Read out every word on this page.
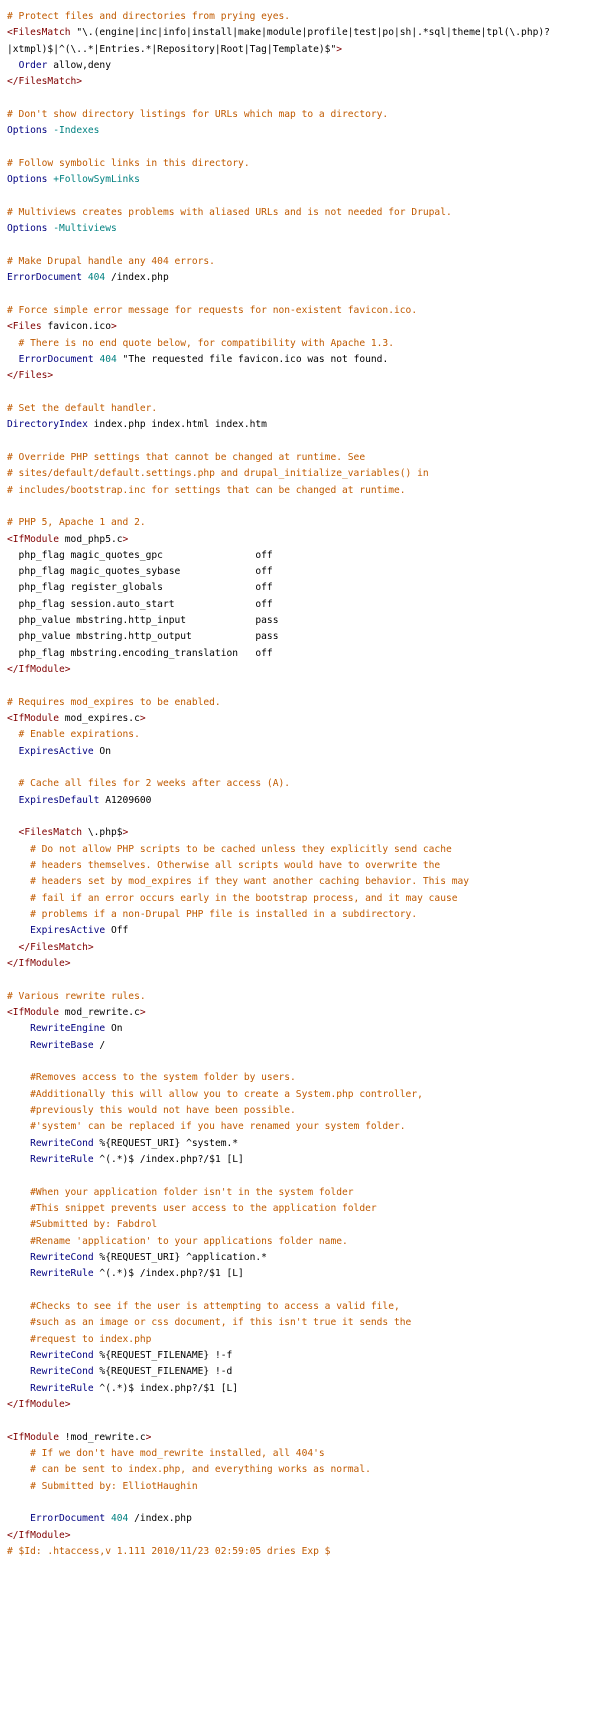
# Protect files and directories from prying eyes.
<FilesMatch "\.(engine|inc|info|install|make|module|profile|test|po|sh|.*sql|theme|tpl(\.php)?
|xtmpl)$|^(\..*|Entries.*|Repository|Root|Tag|Template)$">
Order allow,deny
</FilesMatch>
# Don't show directory listings for URLs which map to a directory.
Options -Indexes
# Follow symbolic links in this directory.
Options +FollowSymLinks
# Multiviews creates problems with aliased URLs and is not needed for Drupal.
Options -Multiviews
# Make Drupal handle any 404 errors.
ErrorDocument 404 /index.php
# Force simple error message for requests for non-existent favicon.ico.
<Files favicon.ico>
# There is no end quote below, for compatibility with Apache 1.3.
ErrorDocument 404 "The requested file favicon.ico was not found.
</Files>
# Set the default handler.
DirectoryIndex index.php index.html index.htm
# Override PHP settings that cannot be changed at runtime. See
# sites/default/default.settings.php and drupal_initialize_variables() in
# includes/bootstrap.inc for settings that can be changed at runtime.
# PHP 5, Apache 1 and 2.
<IfModule mod_php5.c>
php_flag magic_quotes_gpc                off
php_flag magic_quotes_sybase             off
php_flag register_globals                off
php_flag session.auto_start              off
php_value mbstring.http_input            pass
php_value mbstring.http_output           pass
php_flag mbstring.encoding_translation   off
</IfModule>
# Requires mod_expires to be enabled.
<IfModule mod_expires.c>
# Enable expirations.
ExpiresActive On
# Cache all files for 2 weeks after access (A).
ExpiresDefault A1209600
<FilesMatch \.php$>
# Do not allow PHP scripts to be cached unless they explicitly send cache
# headers themselves. Otherwise all scripts would have to overwrite the
# headers set by mod_expires if they want another caching behavior. This may
# fail if an error occurs early in the bootstrap process, and it may cause
# problems if a non-Drupal PHP file is installed in a subdirectory.
ExpiresActive Off
</FilesMatch>
</IfModule>
# Various rewrite rules.
<IfModule mod_rewrite.c>
RewriteEngine On
RewriteBase /
#Removes access to the system folder by users.
#Additionally this will allow you to create a System.php controller,
#previously this would not have been possible.
#'system' can be replaced if you have renamed your system folder.
RewriteCond %{REQUEST_URI} ^system.*
RewriteRule ^(.*)$ /index.php?/$1 [L]
#When your application folder isn't in the system folder
#This snippet prevents user access to the application folder
#Submitted by: Fabdrol
#Rename 'application' to your applications folder name.
RewriteCond %{REQUEST_URI} ^application.*
RewriteRule ^(.*)$ /index.php?/$1 [L]
#Checks to see if the user is attempting to access a valid file,
#such as an image or css document, if this isn't true it sends the
#request to index.php
RewriteCond %{REQUEST_FILENAME} !-f
RewriteCond %{REQUEST_FILENAME} !-d
RewriteRule ^(.*)$ index.php?/$1 [L]
</IfModule>
<IfModule !mod_rewrite.c>
# If we don't have mod_rewrite installed, all 404's
# can be sent to index.php, and everything works as normal.
# Submitted by: ElliotHaughin
ErrorDocument 404 /index.php
</IfModule>
# $Id: .htaccess,v 1.111 2010/11/23 02:59:05 dries Exp $
